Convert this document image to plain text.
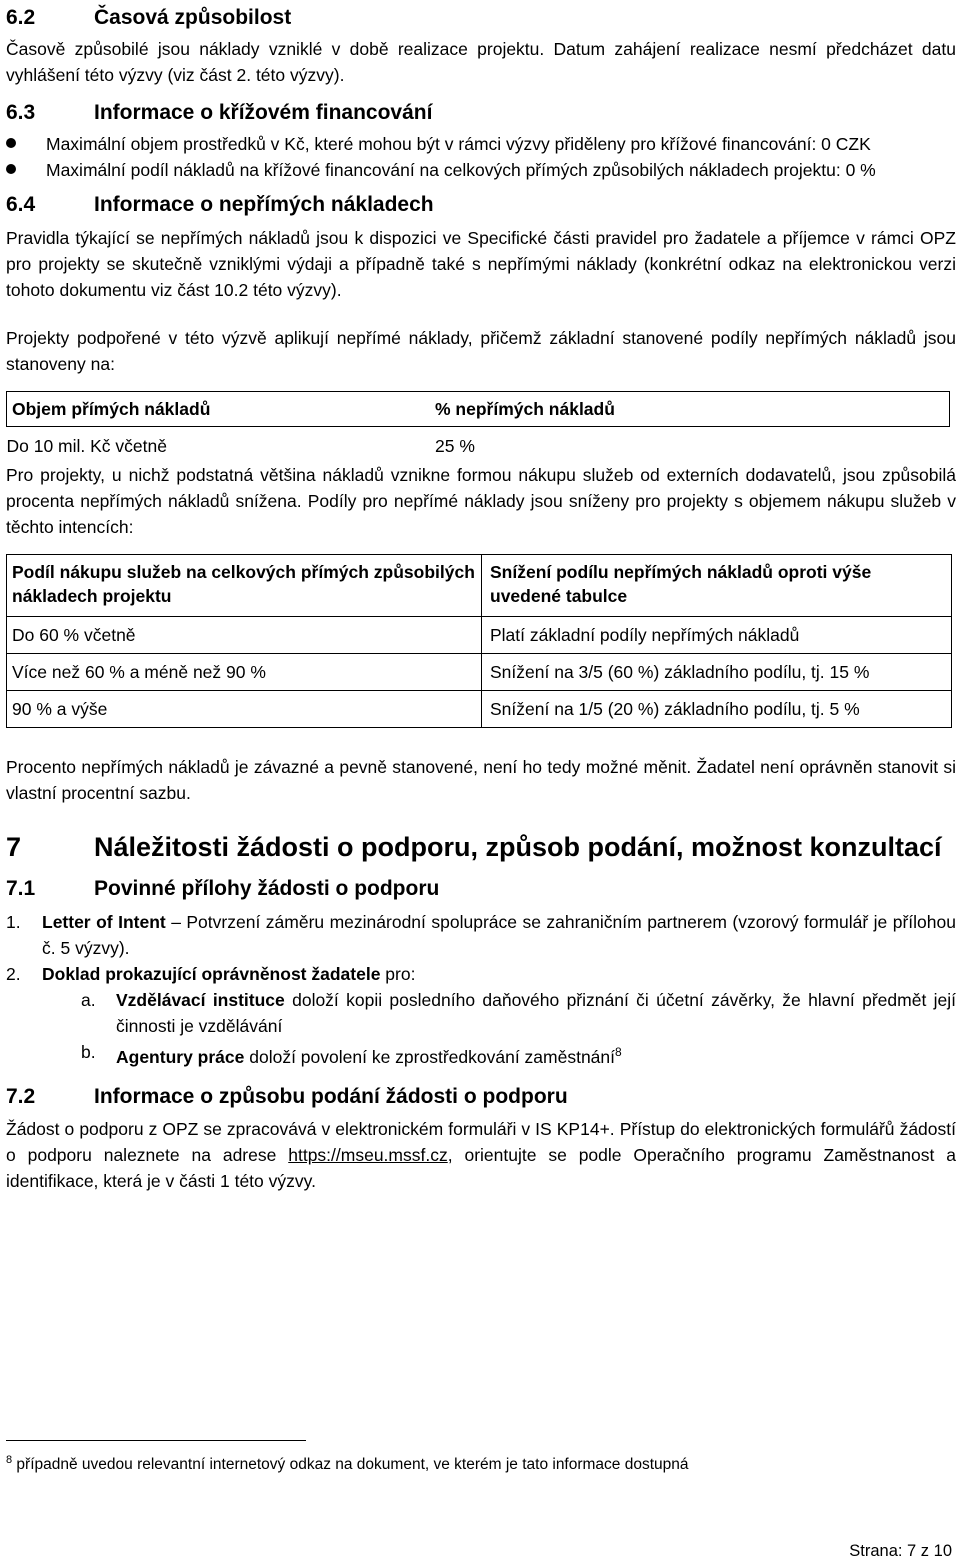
6.2	Časová způsobilost

Časově způsobilé jsou náklady vzniklé v době realizace projektu. Datum zahájení realizace nesmí předcházet datu vyhlášení této výzvy (viz část 2. této výzvy).

6.3	Informace o křížovém financování
Maximální objem prostředků v Kč, které mohou být v rámci výzvy přiděleny pro křížové financování: 0 CZK
Maximální podíl nákladů na křížové financování na celkových přímých způsobilých nákladech projektu: 0 %
6.4	Informace o nepřímých nákladech

Pravidla týkající se nepřímých nákladů jsou k dispozici ve Specifické části pravidel pro žadatele a příjemce v rámci OPZ pro projekty se skutečně vzniklými výdaji a případně také s nepřímými náklady (konkrétní odkaz na elektronickou verzi tohoto dokumentu viz část 10.2 této výzvy).

Projekty podpořené v této výzvě aplikují nepřímé náklady, přičemž základní stanovené podíly nepřímých nákladů jsou stanoveny na:

Objem přímých nákladů	% nepřímých nákladů
Do 10 mil. Kč včetně	25 %

Pro projekty, u nichž podstatná většina nákladů vznikne formou nákupu služeb od externích dodavatelů, jsou způsobilá procenta nepřímých nákladů snížena. Podíly pro nepřímé náklady jsou sníženy pro projekty s objemem nákupu služeb v těchto intencích:

Podíl nákupu služeb na celkových přímých způsobilých nákladech projektu	Snížení podílu nepřímých nákladů oproti výše uvedené tabulce
Do 60 % včetně	Platí základní podíly nepřímých nákladů
Více než 60 % a méně než 90 %	Snížení na 3/5 (60 %) základního podílu, tj. 15 %
90 % a výše	Snížení na 1/5 (20 %) základního podílu, tj. 5 %

Procento nepřímých nákladů je závazné a pevně stanovené, není ho tedy možné měnit. Žadatel není oprávněn stanovit si vlastní procentní sazbu.

7	Náležitosti žádosti o podporu, způsob podání, možnost konzultací
7.1	Povinné přílohy žádosti o podporu
1. Letter of Intent – Potvrzení záměru mezinárodní spolupráce se zahraničním partnerem (vzorový formulář je přílohou č. 5 výzvy).
2. Doklad prokazující oprávněnost žadatele pro:
a. Vzdělávací instituce doloží kopii posledního daňového přiznání či účetní závěrky, že hlavní předmět její činnosti je vzdělávání
b. Agentury práce doloží povolení ke zprostředkování zaměstnání$^8$
7.2	Informace o způsobu podání žádosti o podporu

Žádost o podporu z OPZ se zpracovává v elektronickém formuláři v IS KP14+. Přístup do elektronických formulářů žádostí o podporu naleznete na adrese https://mseu.mssf.cz, orientujte se podle Operačního programu Zaměstnanost a identifikace, která je v části 1 této výzvy.

$^8$ případně uvedou relevantní internetový odkaz na dokument, ve kterém je tato informace dostupná
Strana: 7 z 10
